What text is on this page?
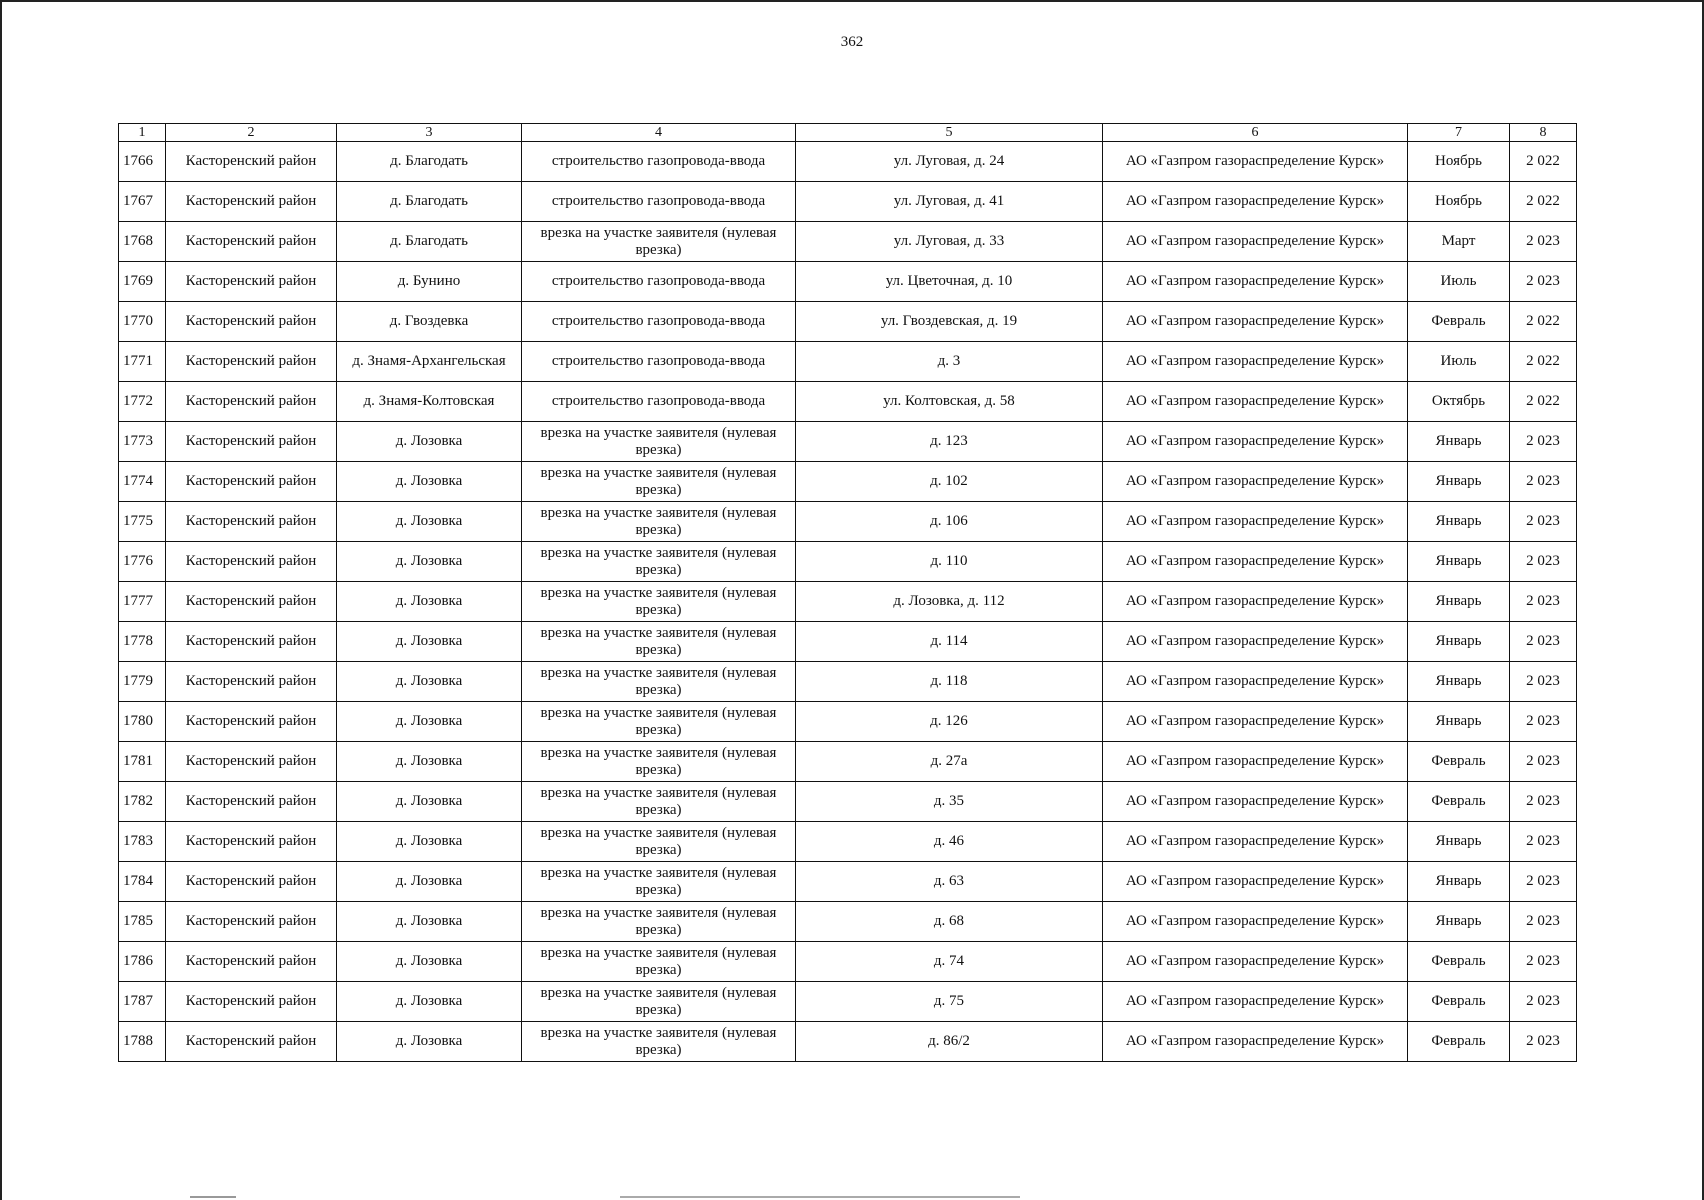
362
1	2	3	4	5	6	7	8
1766	Касторенский район	д. Благодать	строительство газопровода-ввода	ул. Луговая, д. 24	АО «Газпром газораспределение Курск»	Ноябрь	2 022
1767	Касторенский район	д. Благодать	строительство газопровода-ввода	ул. Луговая, д. 41	АО «Газпром газораспределение Курск»	Ноябрь	2 022
1768	Касторенский район	д. Благодать	врезка на участке заявителя (нулевая врезка)	ул. Луговая, д. 33	АО «Газпром газораспределение Курск»	Март	2 023
1769	Касторенский район	д. Бунино	строительство газопровода-ввода	ул. Цветочная, д. 10	АО «Газпром газораспределение Курск»	Июль	2 023
1770	Касторенский район	д. Гвоздевка	строительство газопровода-ввода	ул. Гвоздевская, д. 19	АО «Газпром газораспределение Курск»	Февраль	2 022
1771	Касторенский район	д. Знамя-Архангельская	строительство газопровода-ввода	д. 3	АО «Газпром газораспределение Курск»	Июль	2 022
1772	Касторенский район	д. Знамя-Колтовская	строительство газопровода-ввода	ул. Колтовская, д. 58	АО «Газпром газораспределение Курск»	Октябрь	2 022
1773	Касторенский район	д. Лозовка	врезка на участке заявителя (нулевая врезка)	д. 123	АО «Газпром газораспределение Курск»	Январь	2 023
1774	Касторенский район	д. Лозовка	врезка на участке заявителя (нулевая врезка)	д. 102	АО «Газпром газораспределение Курск»	Январь	2 023
1775	Касторенский район	д. Лозовка	врезка на участке заявителя (нулевая врезка)	д. 106	АО «Газпром газораспределение Курск»	Январь	2 023
1776	Касторенский район	д. Лозовка	врезка на участке заявителя (нулевая врезка)	д. 110	АО «Газпром газораспределение Курск»	Январь	2 023
1777	Касторенский район	д. Лозовка	врезка на участке заявителя (нулевая врезка)	д. Лозовка, д. 112	АО «Газпром газораспределение Курск»	Январь	2 023
1778	Касторенский район	д. Лозовка	врезка на участке заявителя (нулевая врезка)	д. 114	АО «Газпром газораспределение Курск»	Январь	2 023
1779	Касторенский район	д. Лозовка	врезка на участке заявителя (нулевая врезка)	д. 118	АО «Газпром газораспределение Курск»	Январь	2 023
1780	Касторенский район	д. Лозовка	врезка на участке заявителя (нулевая врезка)	д. 126	АО «Газпром газораспределение Курск»	Январь	2 023
1781	Касторенский район	д. Лозовка	врезка на участке заявителя (нулевая врезка)	д. 27а	АО «Газпром газораспределение Курск»	Февраль	2 023
1782	Касторенский район	д. Лозовка	врезка на участке заявителя (нулевая врезка)	д. 35	АО «Газпром газораспределение Курск»	Февраль	2 023
1783	Касторенский район	д. Лозовка	врезка на участке заявителя (нулевая врезка)	д. 46	АО «Газпром газораспределение Курск»	Январь	2 023
1784	Касторенский район	д. Лозовка	врезка на участке заявителя (нулевая врезка)	д. 63	АО «Газпром газораспределение Курск»	Январь	2 023
1785	Касторенский район	д. Лозовка	врезка на участке заявителя (нулевая врезка)	д. 68	АО «Газпром газораспределение Курск»	Январь	2 023
1786	Касторенский район	д. Лозовка	врезка на участке заявителя (нулевая врезка)	д. 74	АО «Газпром газораспределение Курск»	Февраль	2 023
1787	Касторенский район	д. Лозовка	врезка на участке заявителя (нулевая врезка)	д. 75	АО «Газпром газораспределение Курск»	Февраль	2 023
1788	Касторенский район	д. Лозовка	врезка на участке заявителя (нулевая врезка)	д. 86/2	АО «Газпром газораспределение Курск»	Февраль	2 023
